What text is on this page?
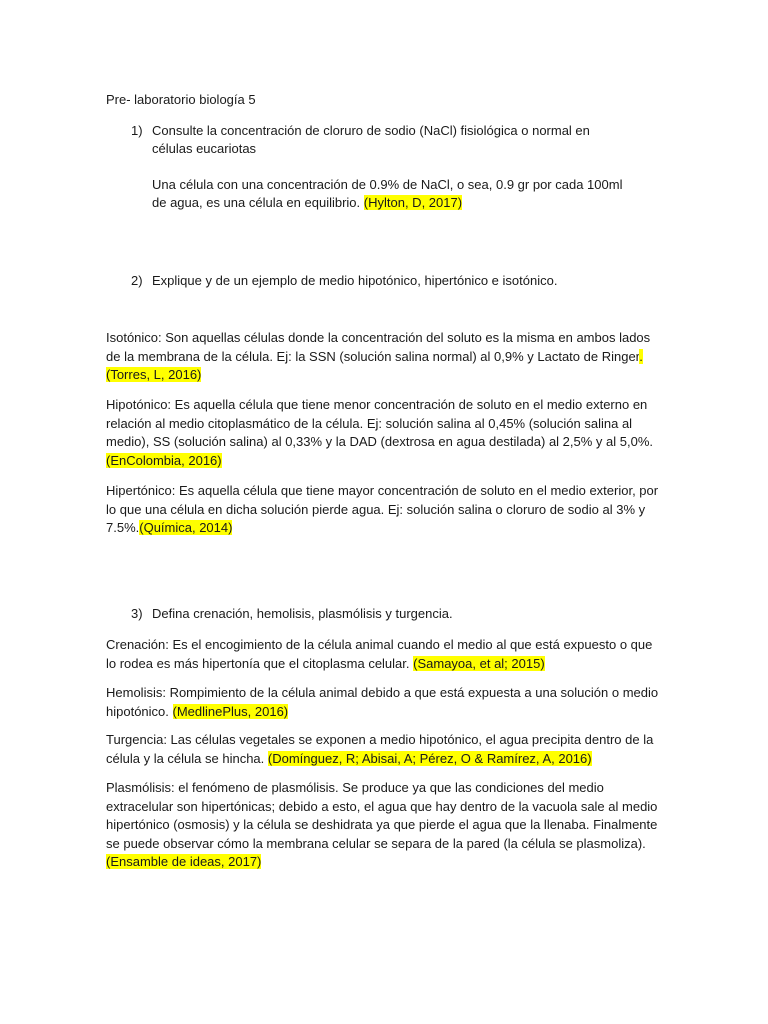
Pre- laboratorio biología 5
1) Consulte la concentración de cloruro de sodio (NaCl) fisiológica o normal en células eucariotas
Una célula con una concentración de 0.9% de NaCl, o sea, 0.9 gr por cada 100ml de agua, es una célula en equilibrio. (Hylton, D, 2017)
2) Explique y de un ejemplo de medio hipotónico, hipertónico e isotónico.
Isotónico: Son aquellas células donde la concentración del soluto es la misma en ambos lados de la membrana de la célula. Ej: la SSN (solución salina normal) al 0,9% y Lactato de Ringer. (Torres, L, 2016)
Hipotónico: Es aquella célula que tiene menor concentración de soluto en el medio externo en relación al medio citoplasmático de la célula. Ej: solución salina al 0,45% (solución salina al medio), SS (solución salina) al 0,33% y la DAD (dextrosa en agua destilada) al 2,5% y al 5,0%. (EnColombia, 2016)
Hipertónico: Es aquella célula que tiene mayor concentración de soluto en el medio exterior, por lo que una célula en dicha solución pierde agua. Ej: solución salina o cloruro de sodio al 3% y 7.5%.(Química, 2014)
3) Defina crenación, hemolisis, plasmólisis y turgencia.
Crenación: Es el encogimiento de la célula animal cuando el medio al que está expuesto o que lo rodea es más hipertonía que el citoplasma celular. (Samayoa, et al; 2015)
Hemolisis: Rompimiento de la célula animal debido a que está expuesta a una solución o medio hipotónico. (MedlinePlus, 2016)
Turgencia: Las células vegetales se exponen a medio hipotónico, el agua precipita dentro de la célula y la célula se hincha. (Domínguez, R; Abisai, A; Pérez, O & Ramírez, A, 2016)
Plasmólisis: el fenómeno de plasmólisis. Se produce ya que las condiciones del medio extracelular son hipertónicas; debido a esto, el agua que hay dentro de la vacuola sale al medio hipertónico (osmosis) y la célula se deshidrata ya que pierde el agua que la llenaba. Finalmente se puede observar cómo la membrana celular se separa de la pared (la célula se plasmoliza). (Ensamble de ideas, 2017)
